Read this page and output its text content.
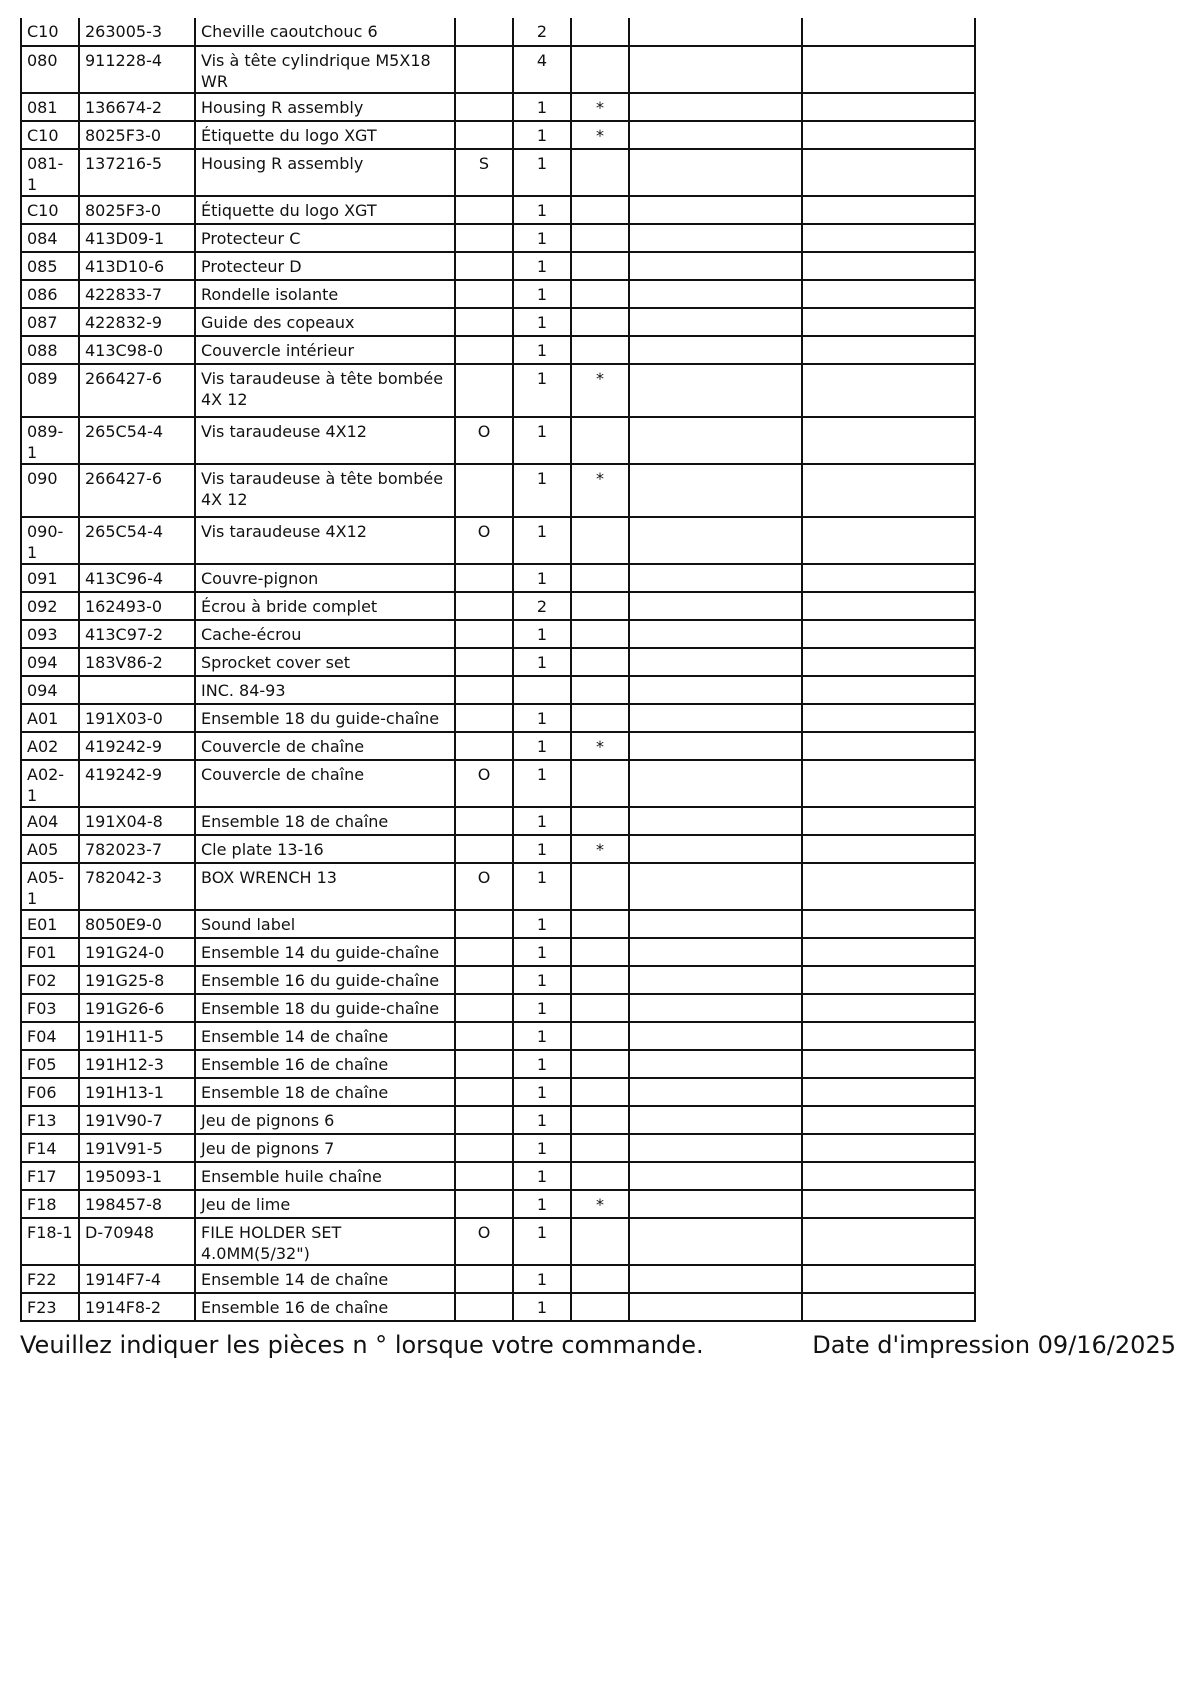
C10	263005-3	Cheville caoutchouc 6		2			
080	911228-4	Vis à tête cylindrique M5X18 WR		4			
081	136674-2	Housing R assembly		1	*		
C10	8025F3-0	Étiquette du logo XGT		1	*		
081-1	137216-5	Housing R assembly	S	1			
C10	8025F3-0	Étiquette du logo XGT		1			
084	413D09-1	Protecteur C		1			
085	413D10-6	Protecteur D		1			
086	422833-7	Rondelle isolante		1			
087	422832-9	Guide des copeaux		1			
088	413C98-0	Couvercle intérieur		1			
089	266427-6	Vis taraudeuse à tête bombée 4X 12		1	*		
089-1	265C54-4	Vis taraudeuse 4X12	O	1			
090	266427-6	Vis taraudeuse à tête bombée 4X 12		1	*		
090-1	265C54-4	Vis taraudeuse 4X12	O	1			
091	413C96-4	Couvre-pignon		1			
092	162493-0	Écrou à bride complet		2			
093	413C97-2	Cache-écrou		1			
094	183V86-2	Sprocket cover set		1			
094		INC. 84-93					
A01	191X03-0	Ensemble 18 du guide-chaîne		1			
A02	419242-9	Couvercle de chaîne		1	*		
A02-1	419242-9	Couvercle de chaîne	O	1			
A04	191X04-8	Ensemble 18 de chaîne		1			
A05	782023-7	Cle plate 13-16		1	*		
A05-1	782042-3	BOX WRENCH 13	O	1			
E01	8050E9-0	Sound label		1			
F01	191G24-0	Ensemble 14 du guide-chaîne		1			
F02	191G25-8	Ensemble 16 du guide-chaîne		1			
F03	191G26-6	Ensemble 18 du guide-chaîne		1			
F04	191H11-5	Ensemble 14 de chaîne		1			
F05	191H12-3	Ensemble 16 de chaîne		1			
F06	191H13-1	Ensemble 18 de chaîne		1			
F13	191V90-7	Jeu de pignons 6		1			
F14	191V91-5	Jeu de pignons 7		1			
F17	195093-1	Ensemble huile chaîne		1			
F18	198457-8	Jeu de lime		1	*		
F18-1	D-70948	FILE HOLDER SET 4.0MM(5/32")	O	1			
F22	1914F7-4	Ensemble 14 de chaîne		1			
F23	1914F8-2	Ensemble 16 de chaîne		1			
Veuillez indiquer les pièces n ° lorsque votre commande.	Date d'impression 09/16/2025
